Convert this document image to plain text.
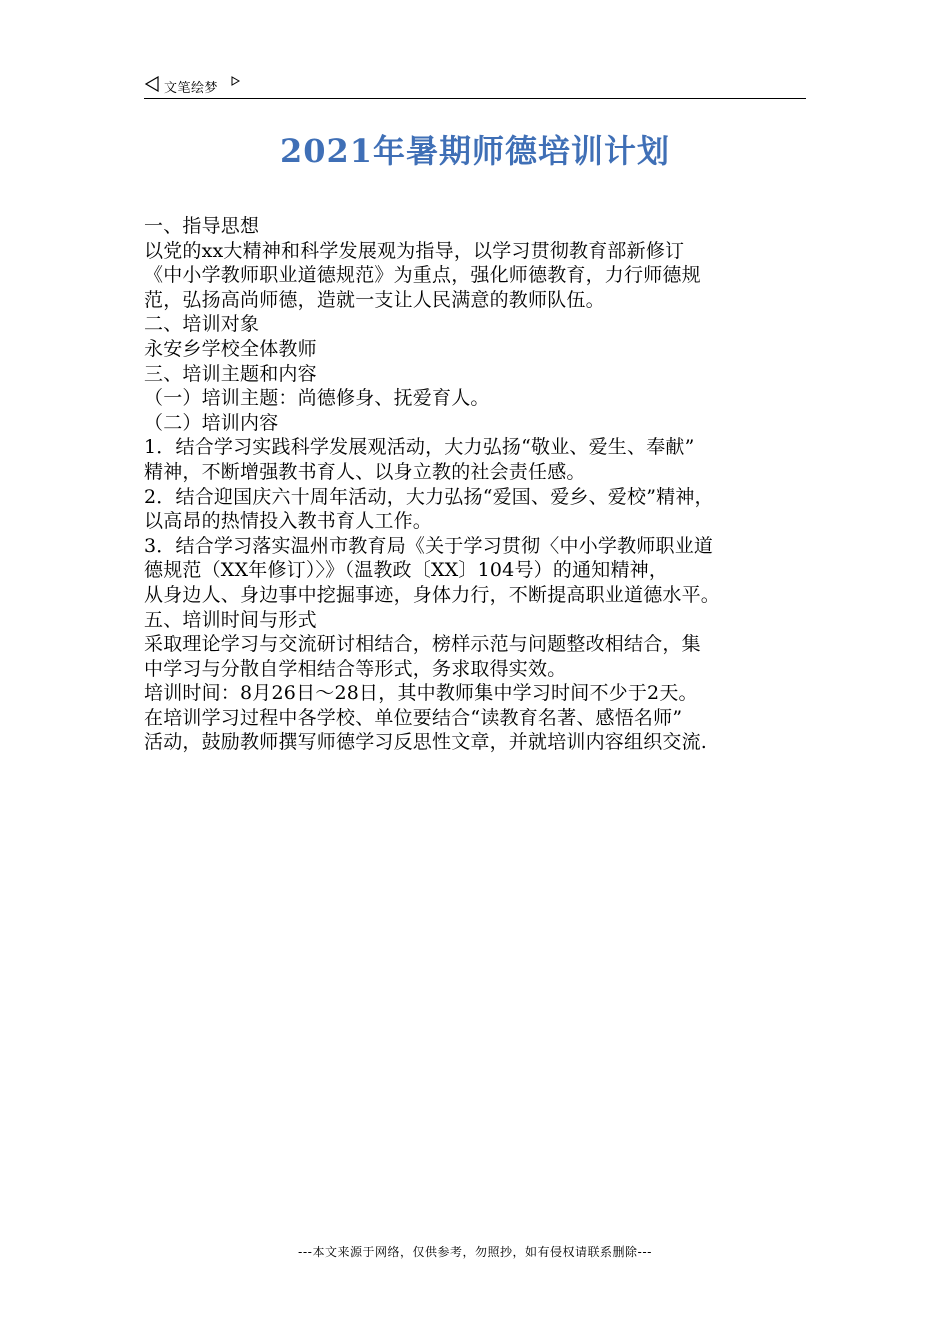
文笔绘梦
2021年暑期师德培训计划
一、指导思想
以党的xx大精神和科学发展观为指导，以学习贯彻教育部新修订
《中小学教师职业道德规范》为重点，强化师德教育，力行师德规
范，弘扬高尚师德，造就一支让人民满意的教师队伍。
二、培训对象
永安乡学校全体教师
三、培训主题和内容
（一）培训主题：尚德修身、抚爱育人。
（二）培训内容
1．结合学习实践科学发展观活动，大力弘扬“敬业、爱生、奉献”
精神，不断增强教书育人、以身立教的社会责任感。
2．结合迎国庆六十周年活动，大力弘扬“爱国、爱乡、爱校”精神，
以高昂的热情投入教书育人工作。
3．结合学习落实温州市教育局《关于学习贯彻〈中小学教师职业道
德规范（XX年修订）〉》（温教政〔XX〕104号）的通知精神，
从身边人、身边事中挖掘事迹，身体力行，不断提高职业道德水平。
五、培训时间与形式
采取理论学习与交流研讨相结合，榜样示范与问题整改相结合，集
中学习与分散自学相结合等形式，务求取得实效。
培训时间：8月26日～28日，其中教师集中学习时间不少于2天。
在培训学习过程中各学校、单位要结合“读教育名著、感悟名师”
活动，鼓励教师撰写师德学习反思性文章，并就培训内容组织交流.
---本文来源于网络，仅供参考，勿照抄，如有侵权请联系删除---
